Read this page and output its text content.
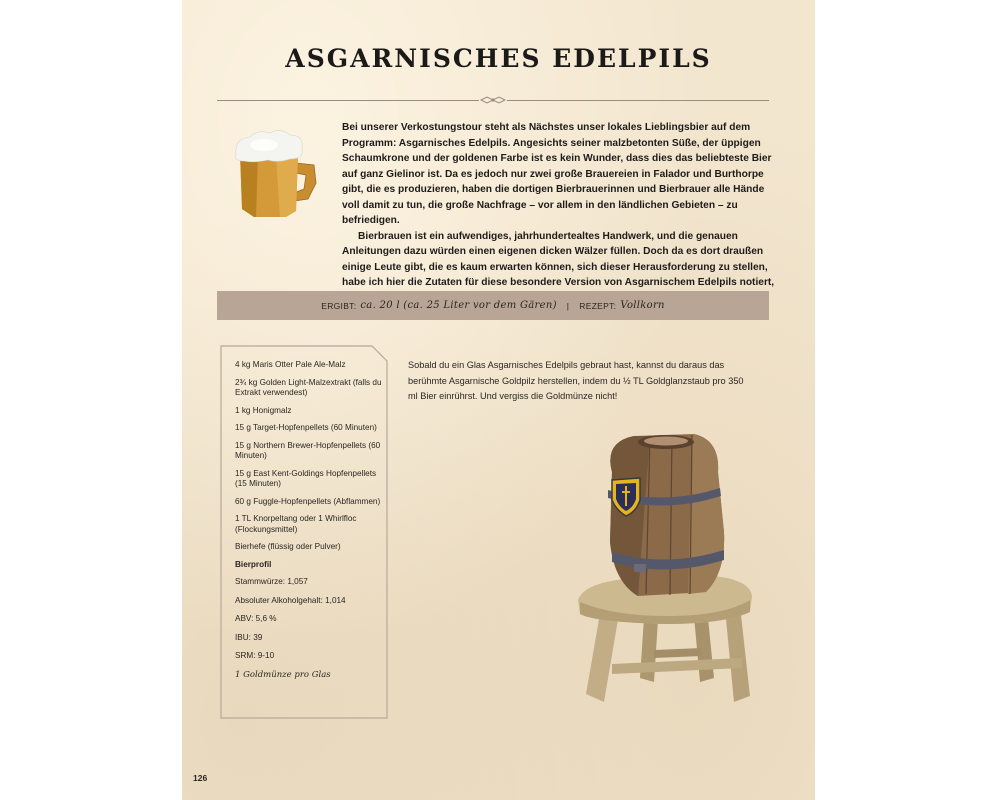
ASGARNISCHES EDELPILS

Bei unserer Verkostungstour steht als Nächstes unser lokales Lieblingsbier auf dem Programm: Asgarnisches Edelpils. Angesichts seiner malzbetonten Süße, der üppigen Schaumkrone und der goldenen Farbe ist es kein Wunder, dass dies das beliebteste Bier auf ganz Gielinor ist. Da es jedoch nur zwei große Brauereien in Falador und Burthorpe gibt, die es produzieren, haben die dortigen Bierbrauerinnen und Bierbrauer alle Hände voll damit zu tun, die große Nachfrage – vor allem in den ländlichen Gebieten – zu befriedigen.

Bierbrauen ist ein aufwendiges, jahrhundertealtes Handwerk, und die genauen Anleitungen dazu würden einen eigenen dicken Wälzer füllen. Doch da es dort draußen einige Leute gibt, die es kaum erwarten können, sich dieser Herausforderung zu stellen, habe ich hier die Zutaten für diese besondere Version von Asgarnischem Edelpils notiert,

ERGIBT: ca. 20 l (ca. 25 Liter vor dem Gären) | REZEPT: Vollkorn
4 kg Maris Otter Pale Ale-Malz
2¾ kg Golden Light-Malzextrakt (falls du Extrakt verwendest)
1 kg Honigmalz
15 g Target-Hopfenpellets (60 Minuten)
15 g Northern Brewer-Hopfenpellets (60 Minuten)
15 g East Kent-Goldings Hopfenpellets (15 Minuten)
60 g Fuggle-Hopfenpellets (Abflammen)
1 TL Knorpeltang oder 1 Whirlfloc (Flockungsmittel)
Bierhefe (flüssig oder Pulver)
Bierprofil
Stammwürze: 1,057
Absoluter Alkoholgehalt: 1,014
ABV: 5,6 %
IBU: 39
SRM: 9-10
1 Goldmünze pro Glas
Sobald du ein Glas Asgarnisches Edelpils gebraut hast, kannst du daraus das berühmte Asgarnische Goldpilz herstellen, indem du ½ TL Goldglanzstaub pro 350 ml Bier einrührst. Und vergiss die Goldmünze nicht!
126
